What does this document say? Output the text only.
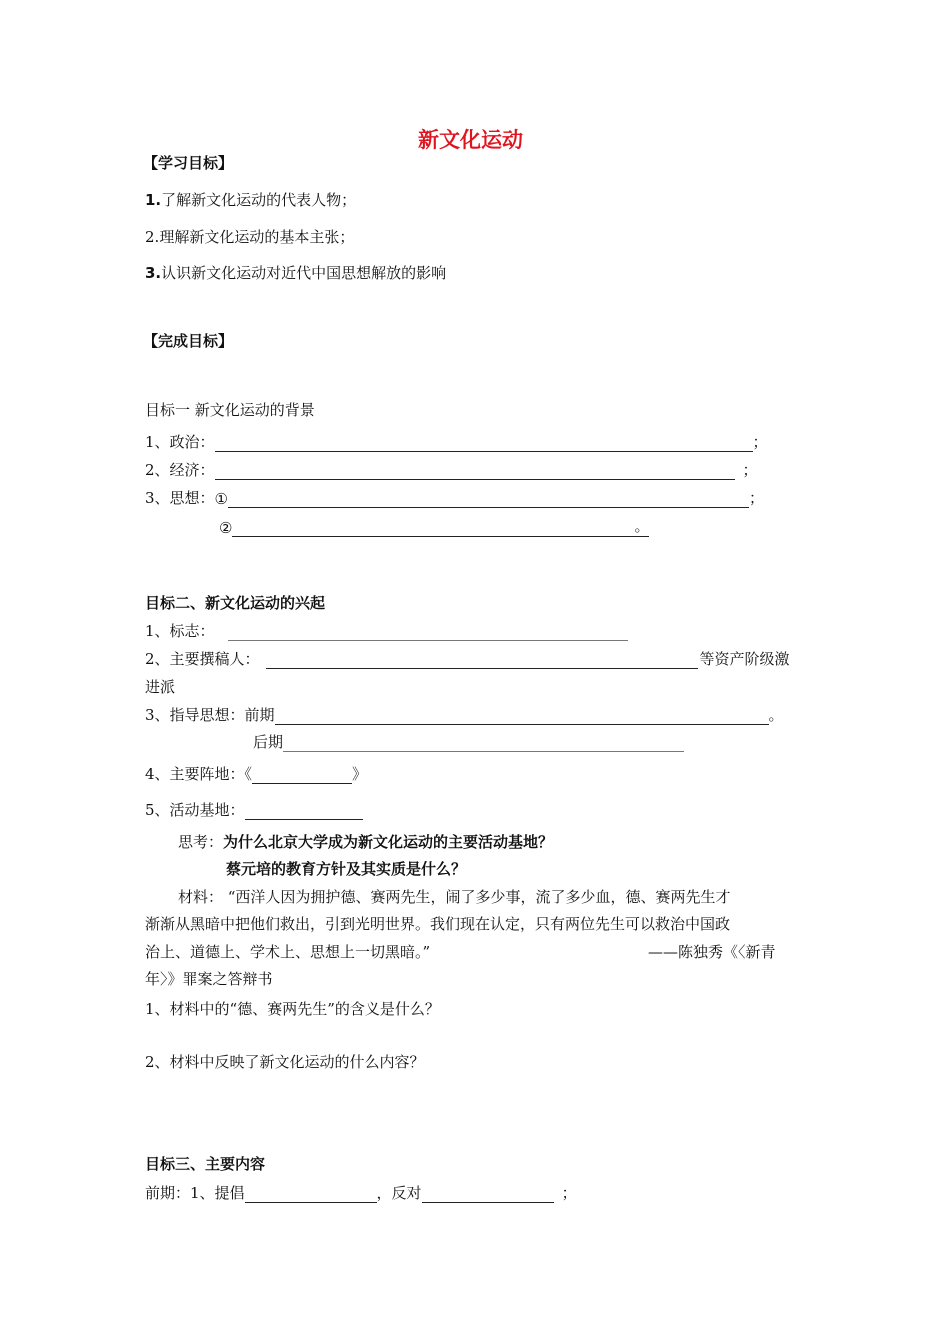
新文化运动
【学习目标】
1.了解新文化运动的代表人物；
2.理解新文化运动的基本主张；
3.认识新文化运动对近代中国思想解放的影响
【完成目标】
目标一 新文化运动的背景
1、政治：	；
2、经济：	；
3、思想： ①	；
②	。
目标二、新文化运动的兴起
1、标志：
2、主要撰稿人：	等资产阶级激
进派
3、指导思想：前期	。
后期
4、主要阵地：《	》
5、活动基地：
思考：为什么北京大学成为新文化运动的主要活动基地？
蔡元培的教育方针及其实质是什么？
材料： “西洋人因为拥护德、赛两先生，闹了多少事，流了多少血，德、赛两先生才
渐渐从黑暗中把他们救出，引到光明世界。我们现在认定，只有两位先生可以救治中国政
治上、道德上、学术上、思想上一切黑暗。”	——陈独秀《〈新青
年〉》罪案之答辩书
1、材料中的“德、赛两先生”的含义是什么？
2、材料中反映了新文化运动的什么内容？
目标三、主要内容
前期：1、提倡	，反对	；
